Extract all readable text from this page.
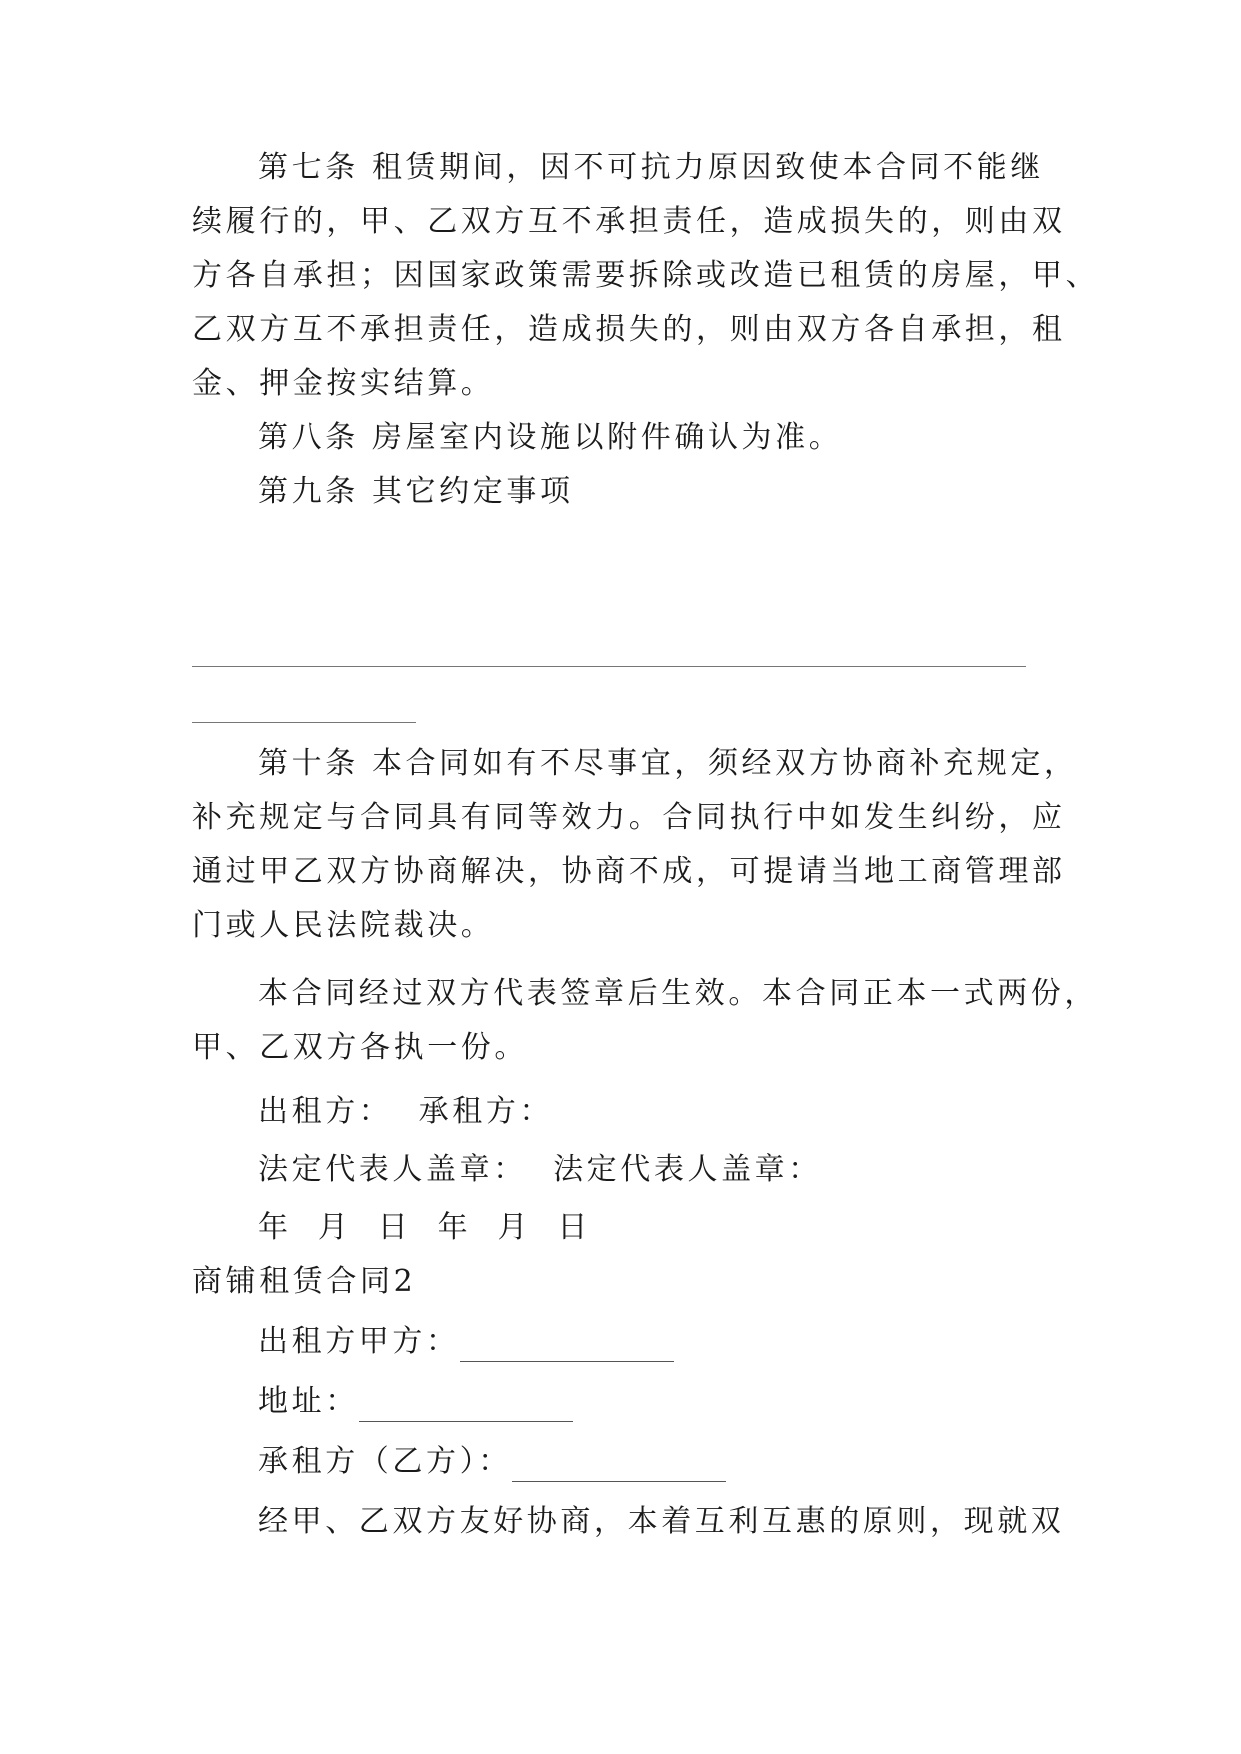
第七条 租赁期间，因不可抗力原因致使本合同不能继
续履行的，甲、乙双方互不承担责任，造成损失的，则由双
方各自承担；因国家政策需要拆除或改造已租赁的房屋，甲、
乙双方互不承担责任，造成损失的，则由双方各自承担，租
金、押金按实结算。
第八条 房屋室内设施以附件确认为准。
第九条 其它约定事项
第十条 本合同如有不尽事宜，须经双方协商补充规定，
补充规定与合同具有同等效力。合同执行中如发生纠纷，应
通过甲乙双方协商解决，协商不成，可提请当地工商管理部
门或人民法院裁决。
本合同经过双方代表签章后生效。本合同正本一式两份，
甲、乙双方各执一份。
出租方：  承租方：
法定代表人盖章：  法定代表人盖章：
年  月  日  年  月  日
商铺租赁合同2
出租方甲方：
地址：
承租方（乙方）：
经甲、乙双方友好协商，本着互利互惠的原则，现就双
